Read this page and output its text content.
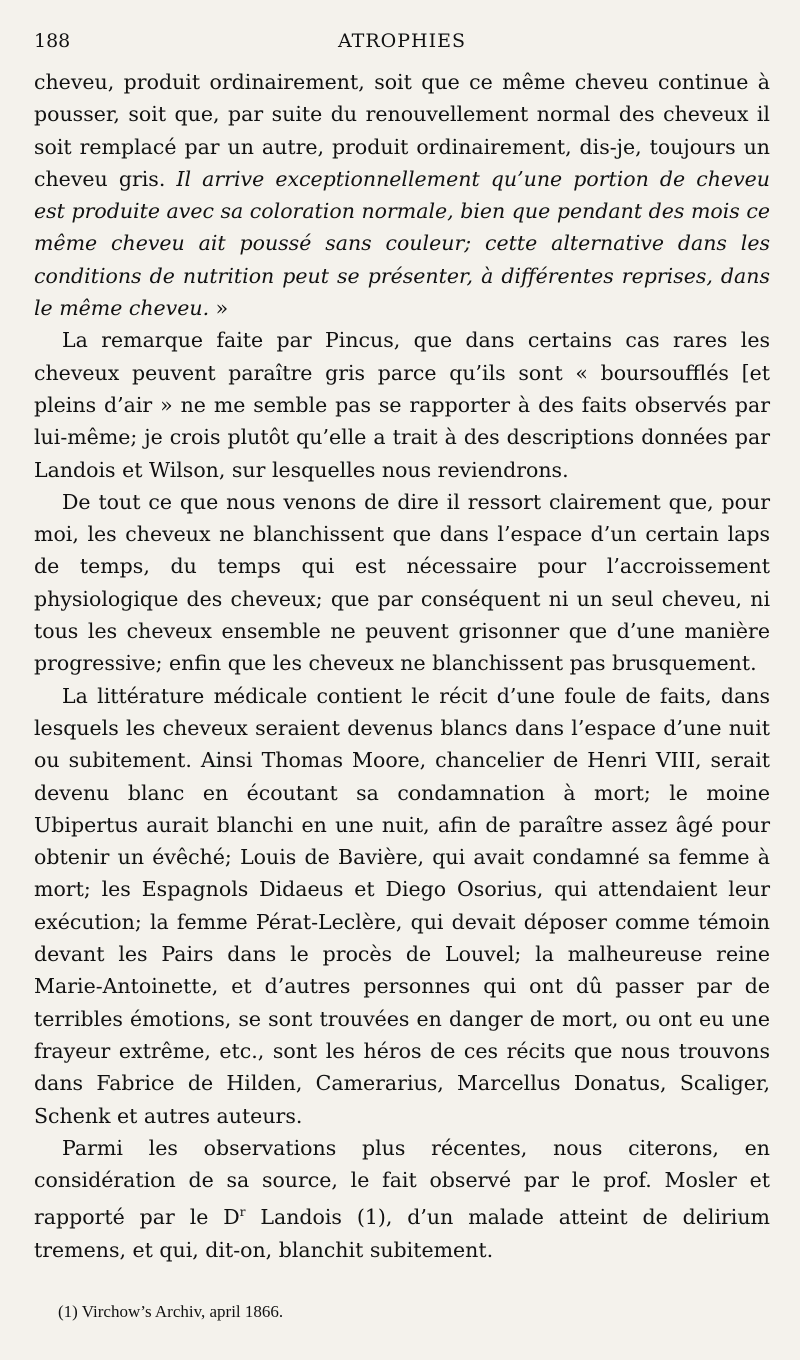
188	ATROPHIES

cheveu, produit ordinairement, soit que ce même cheveu continue à pousser, soit que, par suite du renouvellement normal des cheveux il soit remplacé par un autre, produit ordinairement, dis-je, toujours un cheveu gris. Il arrive exceptionnellement qu’une portion de cheveu est produite avec sa coloration normale, bien que pendant des mois ce même cheveu ait poussé sans couleur; cette alternative dans les conditions de nutrition peut se présenter, à différentes reprises, dans le même cheveu. »

La remarque faite par Pincus, que dans certains cas rares les cheveux peuvent paraître gris parce qu’ils sont « boursoufflés [et pleins d’air » ne me semble pas se rapporter à des faits observés par lui-même; je crois plutôt qu’elle a trait à des descriptions données par Landois et Wilson, sur lesquelles nous reviendrons.

De tout ce que nous venons de dire il ressort clairement que, pour moi, les cheveux ne blanchissent que dans l’espace d’un certain laps de temps, du temps qui est nécessaire pour l’accroissement physiologique des cheveux; que par conséquent ni un seul cheveu, ni tous les cheveux ensemble ne peuvent grisonner que d’une manière progressive; enfin que les cheveux ne blanchissent pas brusquement.

La littérature médicale contient le récit d’une foule de faits, dans lesquels les cheveux seraient devenus blancs dans l’espace d’une nuit ou subitement. Ainsi Thomas Moore, chancelier de Henri VIII, serait devenu blanc en écoutant sa condamnation à mort; le moine Ubipertus aurait blanchi en une nuit, afin de paraître assez âgé pour obtenir un évêché; Louis de Bavière, qui avait condamné sa femme à mort; les Espagnols Didaeus et Diego Osorius, qui attendaient leur exécution; la femme Pérat-Leclère, qui devait déposer comme témoin devant les Pairs dans le procès de Louvel; la malheureuse reine Marie-Antoinette, et d’autres personnes qui ont dû passer par de terribles émotions, se sont trouvées en danger de mort, ou ont eu une frayeur extrême, etc., sont les héros de ces récits que nous trouvons dans Fabrice de Hilden, Camerarius, Marcellus Donatus, Scaliger, Schenk et autres auteurs.

Parmi les observations plus récentes, nous citerons, en considération de sa source, le fait observé par le prof. Mosler et rapporté par le $D^r$ Landois (1), d’un malade atteint de delirium tremens, et qui, dit-on, blanchit subitement.

(1) Virchow’s Archiv, april 1866.
